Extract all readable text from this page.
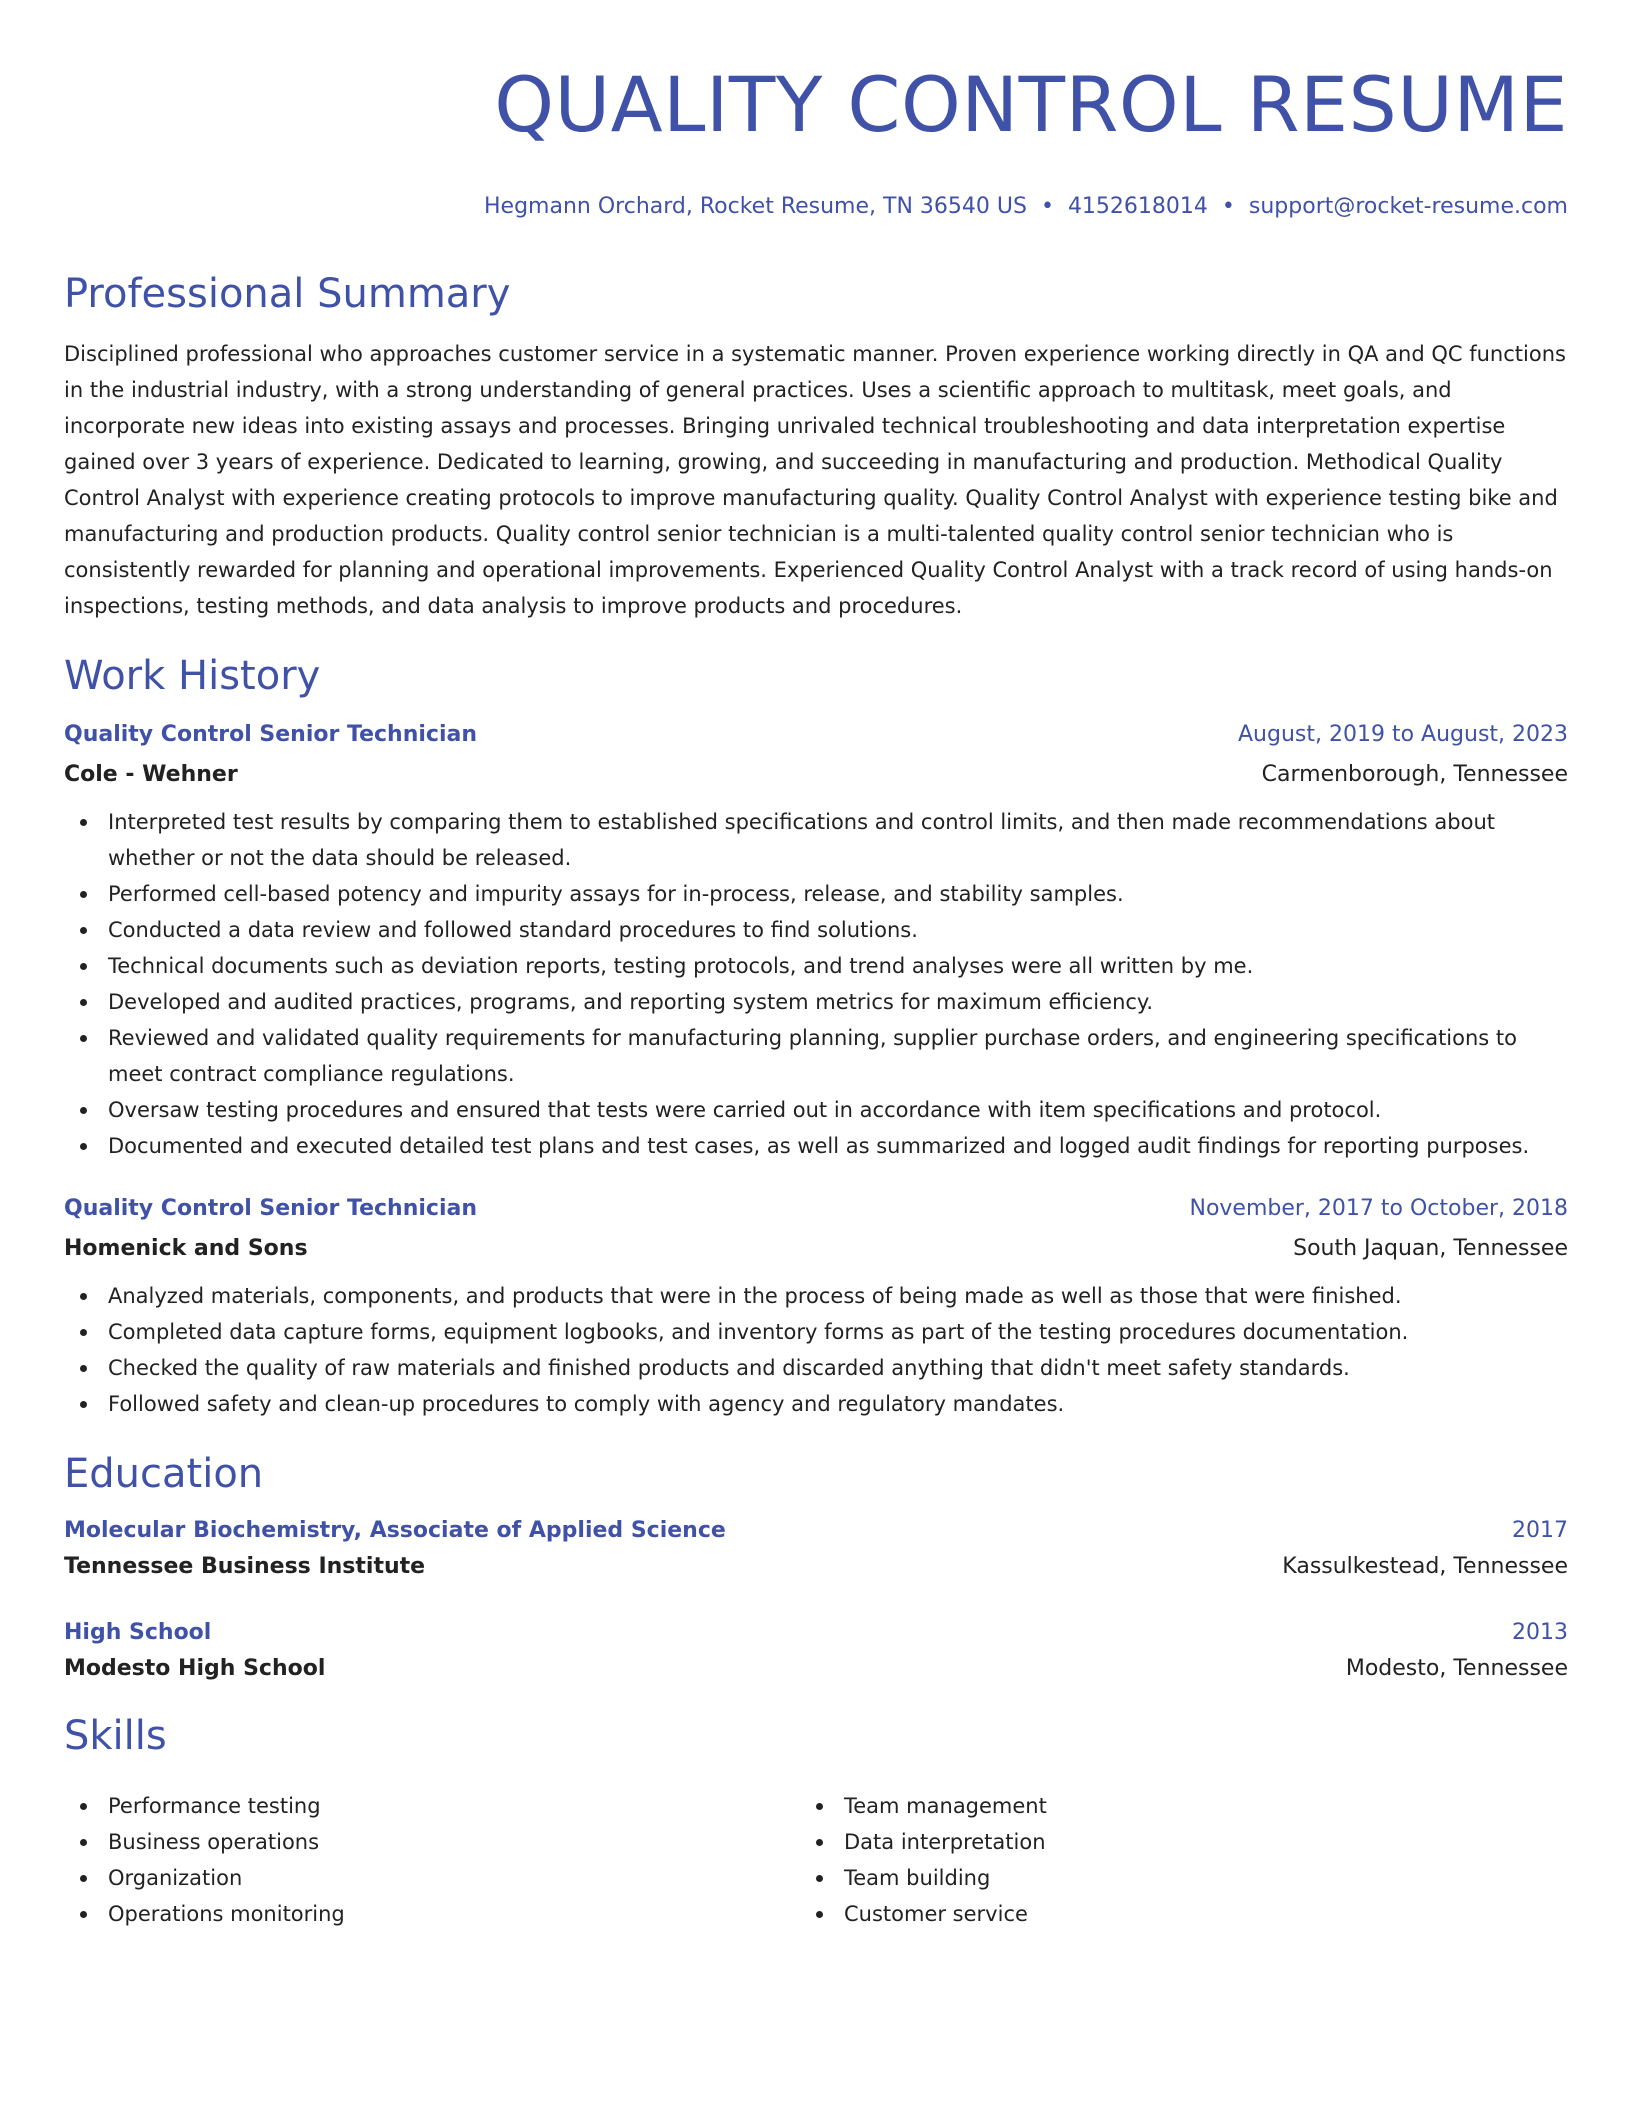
QUALITY CONTROL RESUME
Hegmann Orchard, Rocket Resume, TN 36540 US • 4152618014 • support@rocket-resume.com
Professional Summary

Disciplined professional who approaches customer service in a systematic manner. Proven experience working directly in QA and QC functions in the industrial industry, with a strong understanding of general practices. Uses a scientific approach to multitask, meet goals, and incorporate new ideas into existing assays and processes. Bringing unrivaled technical troubleshooting and data interpretation expertise gained over 3 years of experience. Dedicated to learning, growing, and succeeding in manufacturing and production. Methodical Quality Control Analyst with experience creating protocols to improve manufacturing quality. Quality Control Analyst with experience testing bike and manufacturing and production products. Quality control senior technician is a multi-talented quality control senior technician who is consistently rewarded for planning and operational improvements. Experienced Quality Control Analyst with a track record of using hands-on inspections, testing methods, and data analysis to improve products and procedures.

Work History
Quality Control Senior Technician	August, 2019 to August, 2023
Cole - Wehner	Carmenborough, Tennessee
Interpreted test results by comparing them to established specifications and control limits, and then made recommendations about whether or not the data should be released.
Performed cell-based potency and impurity assays for in-process, release, and stability samples.
Conducted a data review and followed standard procedures to find solutions.
Technical documents such as deviation reports, testing protocols, and trend analyses were all written by me.
Developed and audited practices, programs, and reporting system metrics for maximum efficiency.
Reviewed and validated quality requirements for manufacturing planning, supplier purchase orders, and engineering specifications to meet contract compliance regulations.
Oversaw testing procedures and ensured that tests were carried out in accordance with item specifications and protocol.
Documented and executed detailed test plans and test cases, as well as summarized and logged audit findings for reporting purposes.
Quality Control Senior Technician	November, 2017 to October, 2018
Homenick and Sons	South Jaquan, Tennessee
Analyzed materials, components, and products that were in the process of being made as well as those that were finished.
Completed data capture forms, equipment logbooks, and inventory forms as part of the testing procedures documentation.
Checked the quality of raw materials and finished products and discarded anything that didn't meet safety standards.
Followed safety and clean-up procedures to comply with agency and regulatory mandates.
Education
Molecular Biochemistry, Associate of Applied Science	2017
Tennessee Business Institute	Kassulkestead, Tennessee
High School	2013
Modesto High School	Modesto, Tennessee
Skills
Performance testing
Business operations
Organization
Operations monitoring
Team management
Data interpretation
Team building
Customer service
